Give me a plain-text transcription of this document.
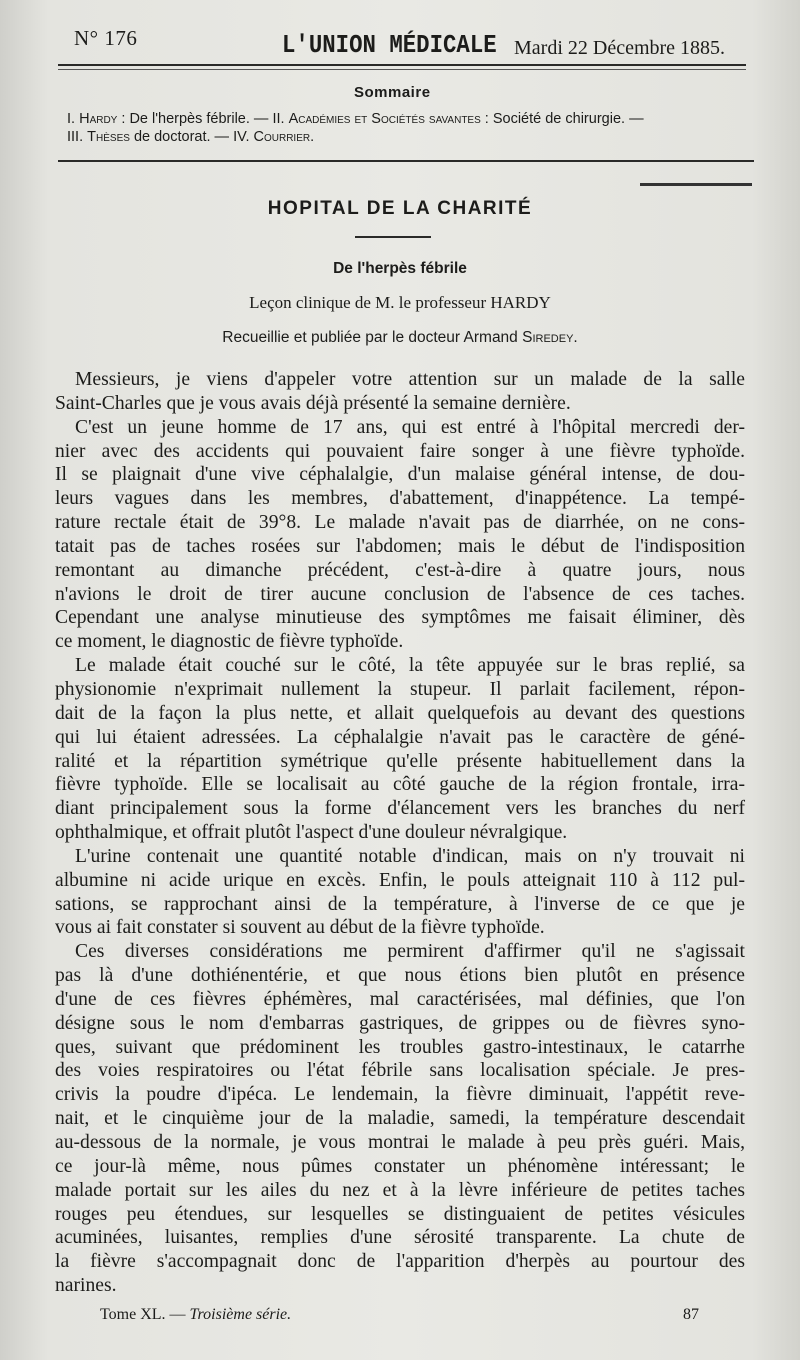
N° 176	L'UNION MÉDICALE Mardi 22 Décembre 1885.
Sommaire
I. Hardy : De l'herpès fébrile. — II. Académies et Sociétés savantes : Société de chirurgie. —
III. Thèses de doctorat. — IV. Courrier.
HOPITAL DE LA CHARITÉ
De l'herpès fébrile
Leçon clinique de M. le professeur HARDY
Recueillie et publiée par le docteur Armand Siredey.
Messieurs, je viens d'appeler votre attention sur un malade de la salle
Saint-Charles que je vous avais déjà présenté la semaine dernière.
C'est un jeune homme de 17 ans, qui est entré à l'hôpital mercredi der-
nier avec des accidents qui pouvaient faire songer à une fièvre typhoïde.
Il se plaignait d'une vive céphalalgie, d'un malaise général intense, de dou-
leurs vagues dans les membres, d'abattement, d'inappétence. La tempé-
rature rectale était de 39°8. Le malade n'avait pas de diarrhée, on ne cons-
tatait pas de taches rosées sur l'abdomen; mais le début de l'indisposition
remontant au dimanche précédent, c'est-à-dire à quatre jours, nous
n'avions le droit de tirer aucune conclusion de l'absence de ces taches.
Cependant une analyse minutieuse des symptômes me faisait éliminer, dès
ce moment, le diagnostic de fièvre typhoïde.
Le malade était couché sur le côté, la tête appuyée sur le bras replié, sa
physionomie n'exprimait nullement la stupeur. Il parlait facilement, répon-
dait de la façon la plus nette, et allait quelquefois au devant des questions
qui lui étaient adressées. La céphalalgie n'avait pas le caractère de géné-
ralité et la répartition symétrique qu'elle présente habituellement dans la
fièvre typhoïde. Elle se localisait au côté gauche de la région frontale, irra-
diant principalement sous la forme d'élancement vers les branches du nerf
ophthalmique, et offrait plutôt l'aspect d'une douleur névralgique.
L'urine contenait une quantité notable d'indican, mais on n'y trouvait ni
albumine ni acide urique en excès. Enfin, le pouls atteignait 110 à 112 pul-
sations, se rapprochant ainsi de la température, à l'inverse de ce que je
vous ai fait constater si souvent au début de la fièvre typhoïde.
Ces diverses considérations me permirent d'affirmer qu'il ne s'agissait
pas là d'une dothiénentérie, et que nous étions bien plutôt en présence
d'une de ces fièvres éphémères, mal caractérisées, mal définies, que l'on
désigne sous le nom d'embarras gastriques, de grippes ou de fièvres syno-
ques, suivant que prédominent les troubles gastro-intestinaux, le catarrhe
des voies respiratoires ou l'état fébrile sans localisation spéciale. Je pres-
crivis la poudre d'ipéca. Le lendemain, la fièvre diminuait, l'appétit reve-
nait, et le cinquième jour de la maladie, samedi, la température descendait
au-dessous de la normale, je vous montrai le malade à peu près guéri. Mais,
ce jour-là même, nous pûmes constater un phénomène intéressant; le
malade portait sur les ailes du nez et à la lèvre inférieure de petites taches
rouges peu étendues, sur lesquelles se distinguaient de petites vésicules
acuminées, luisantes, remplies d'une sérosité transparente. La chute de
la fièvre s'accompagnait donc de l'apparition d'herpès au pourtour des
narines.
Tome XL. — Troisième série.	87
